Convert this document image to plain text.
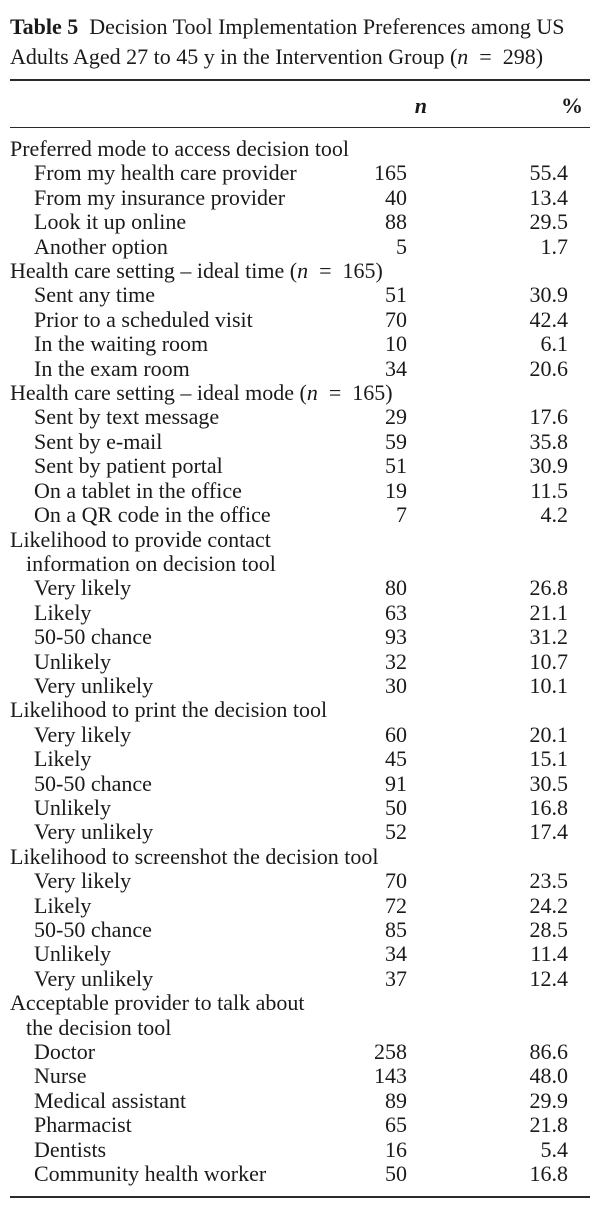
Table 5 Decision Tool Implementation Preferences among US
Adults Aged 27 to 45 y in the Intervention Group (n = 298)
n	%
Preferred mode to access decision tool
From my health care provider	165	55.4
From my insurance provider	40	13.4
Look it up online	88	29.5
Another option	5	1.7
Health care setting – ideal time (n = 165)
Sent any time	51	30.9
Prior to a scheduled visit	70	42.4
In the waiting room	10	6.1
In the exam room	34	20.6
Health care setting – ideal mode (n = 165)
Sent by text message	29	17.6
Sent by e-mail	59	35.8
Sent by patient portal	51	30.9
On a tablet in the office	19	11.5
On a QR code in the office	7	4.2
Likelihood to provide contact
information on decision tool
Very likely	80	26.8
Likely	63	21.1
50-50 chance	93	31.2
Unlikely	32	10.7
Very unlikely	30	10.1
Likelihood to print the decision tool
Very likely	60	20.1
Likely	45	15.1
50-50 chance	91	30.5
Unlikely	50	16.8
Very unlikely	52	17.4
Likelihood to screenshot the decision tool
Very likely	70	23.5
Likely	72	24.2
50-50 chance	85	28.5
Unlikely	34	11.4
Very unlikely	37	12.4
Acceptable provider to talk about
the decision tool
Doctor	258	86.6
Nurse	143	48.0
Medical assistant	89	29.9
Pharmacist	65	21.8
Dentists	16	5.4
Community health worker	50	16.8
